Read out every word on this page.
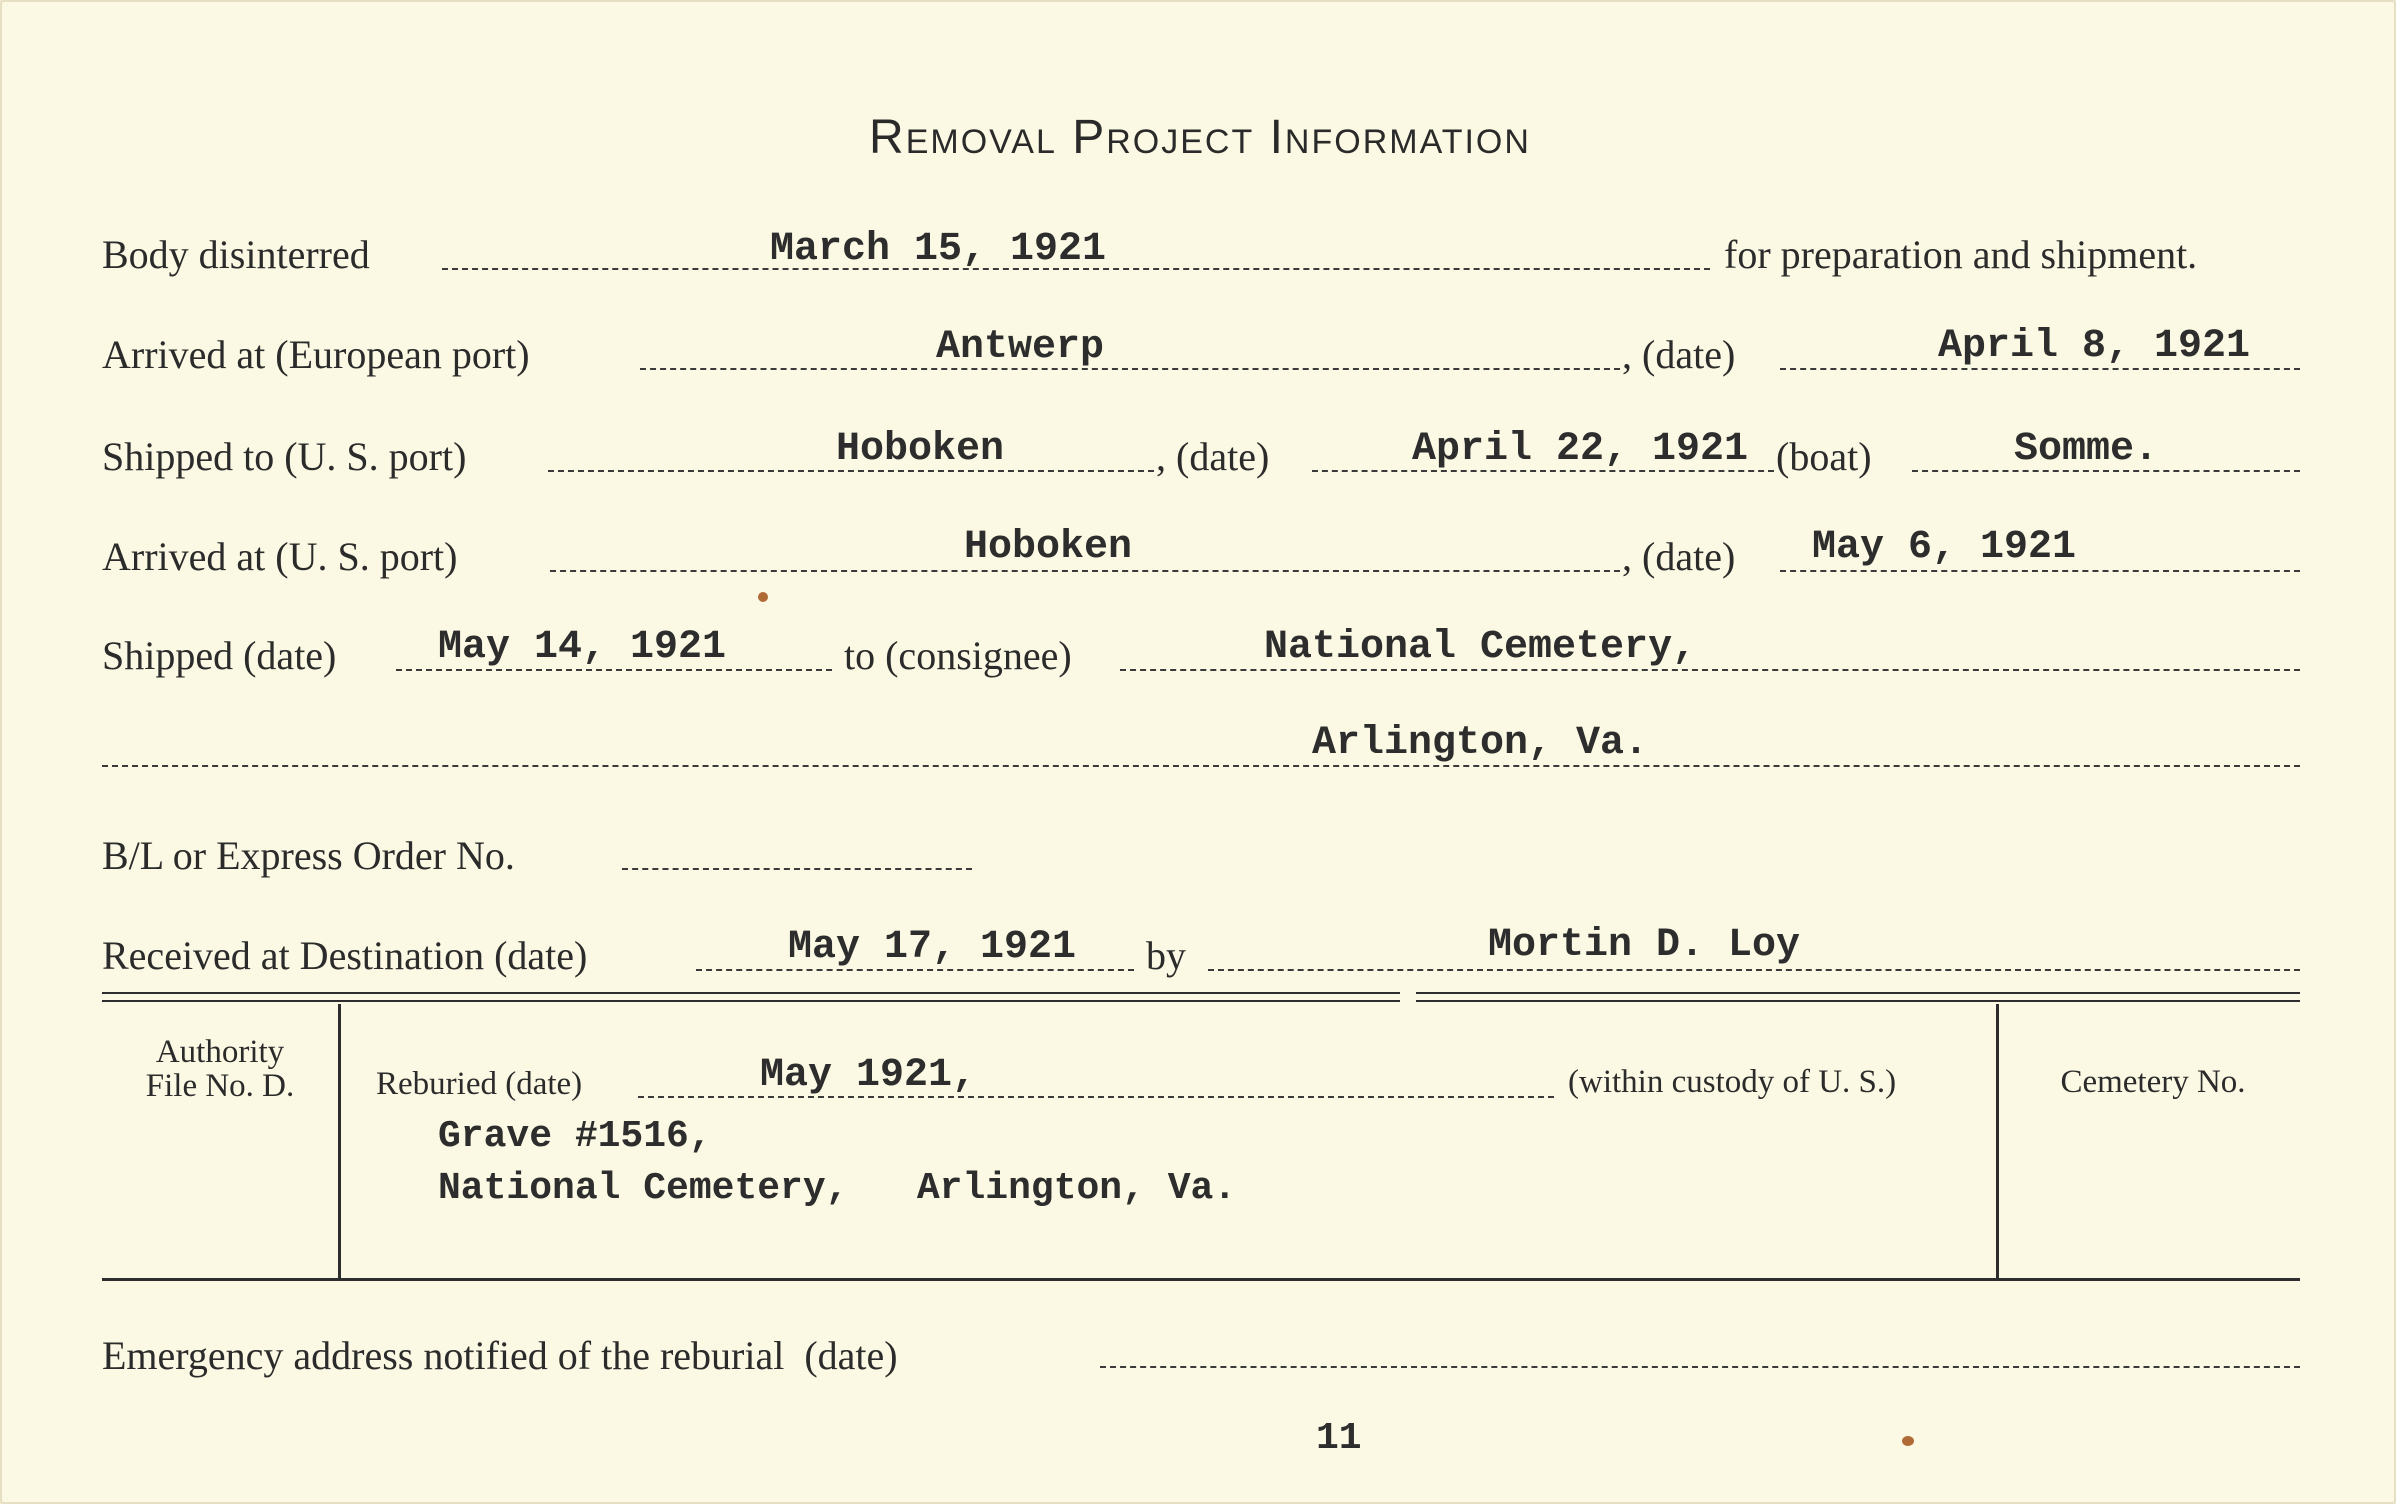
Removal Project Information
Body disinterred	March 15, 1921	for preparation and shipment.
Arrived at (European port)	Antwerp	, (date)	April 8, 1921
Shipped to (U. S. port)	Hoboken	, (date)	April 22, 1921 (boat)	Somme.
Arrived at (U. S. port)	Hoboken	, (date) May 6, 1921
Shipped (date)	May 14, 1921	to (consignee)	National Cemetery,
Arlington, Va.
B/L or Express Order No.
Received at Destination (date)	May 17, 1921 by	Mortin D. Loy
Authority
File No. D.	Reburied (date)	May 1921,	(within custody of U. S.)
Grave #1516,
National Cemetery,   Arlington, Va.
Cemetery No.
Emergency address notified of the reburial  (date)
11
